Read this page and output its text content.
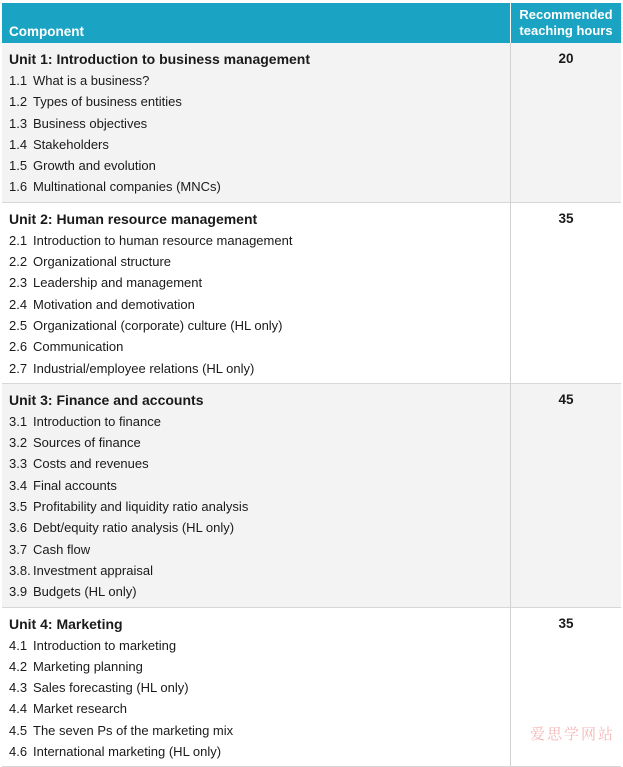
Component
Recommended
teaching hours
Unit 1: Introduction to business management
1.1 What is a business?
1.2 Types of business entities
1.3 Business objectives
1.4 Stakeholders
1.5 Growth and evolution
1.6 Multinational companies (MNCs)
20
Unit 2: Human resource management
2.1 Introduction to human resource management
2.2 Organizational structure
2.3 Leadership and management
2.4 Motivation and demotivation
2.5 Organizational (corporate) culture (HL only)
2.6 Communication
2.7 Industrial/employee relations (HL only)
35
Unit 3: Finance and accounts
3.1 Introduction to finance
3.2 Sources of finance
3.3 Costs and revenues
3.4 Final accounts
3.5 Profitability and liquidity ratio analysis
3.6 Debt/equity ratio analysis (HL only)
3.7 Cash flow
3.8. Investment appraisal
3.9 Budgets (HL only)
45
Unit 4: Marketing
4.1 Introduction to marketing
4.2 Marketing planning
4.3 Sales forecasting (HL only)
4.4 Market research
4.5 The seven Ps of the marketing mix
4.6 International marketing (HL only)
35
爱思学网站
